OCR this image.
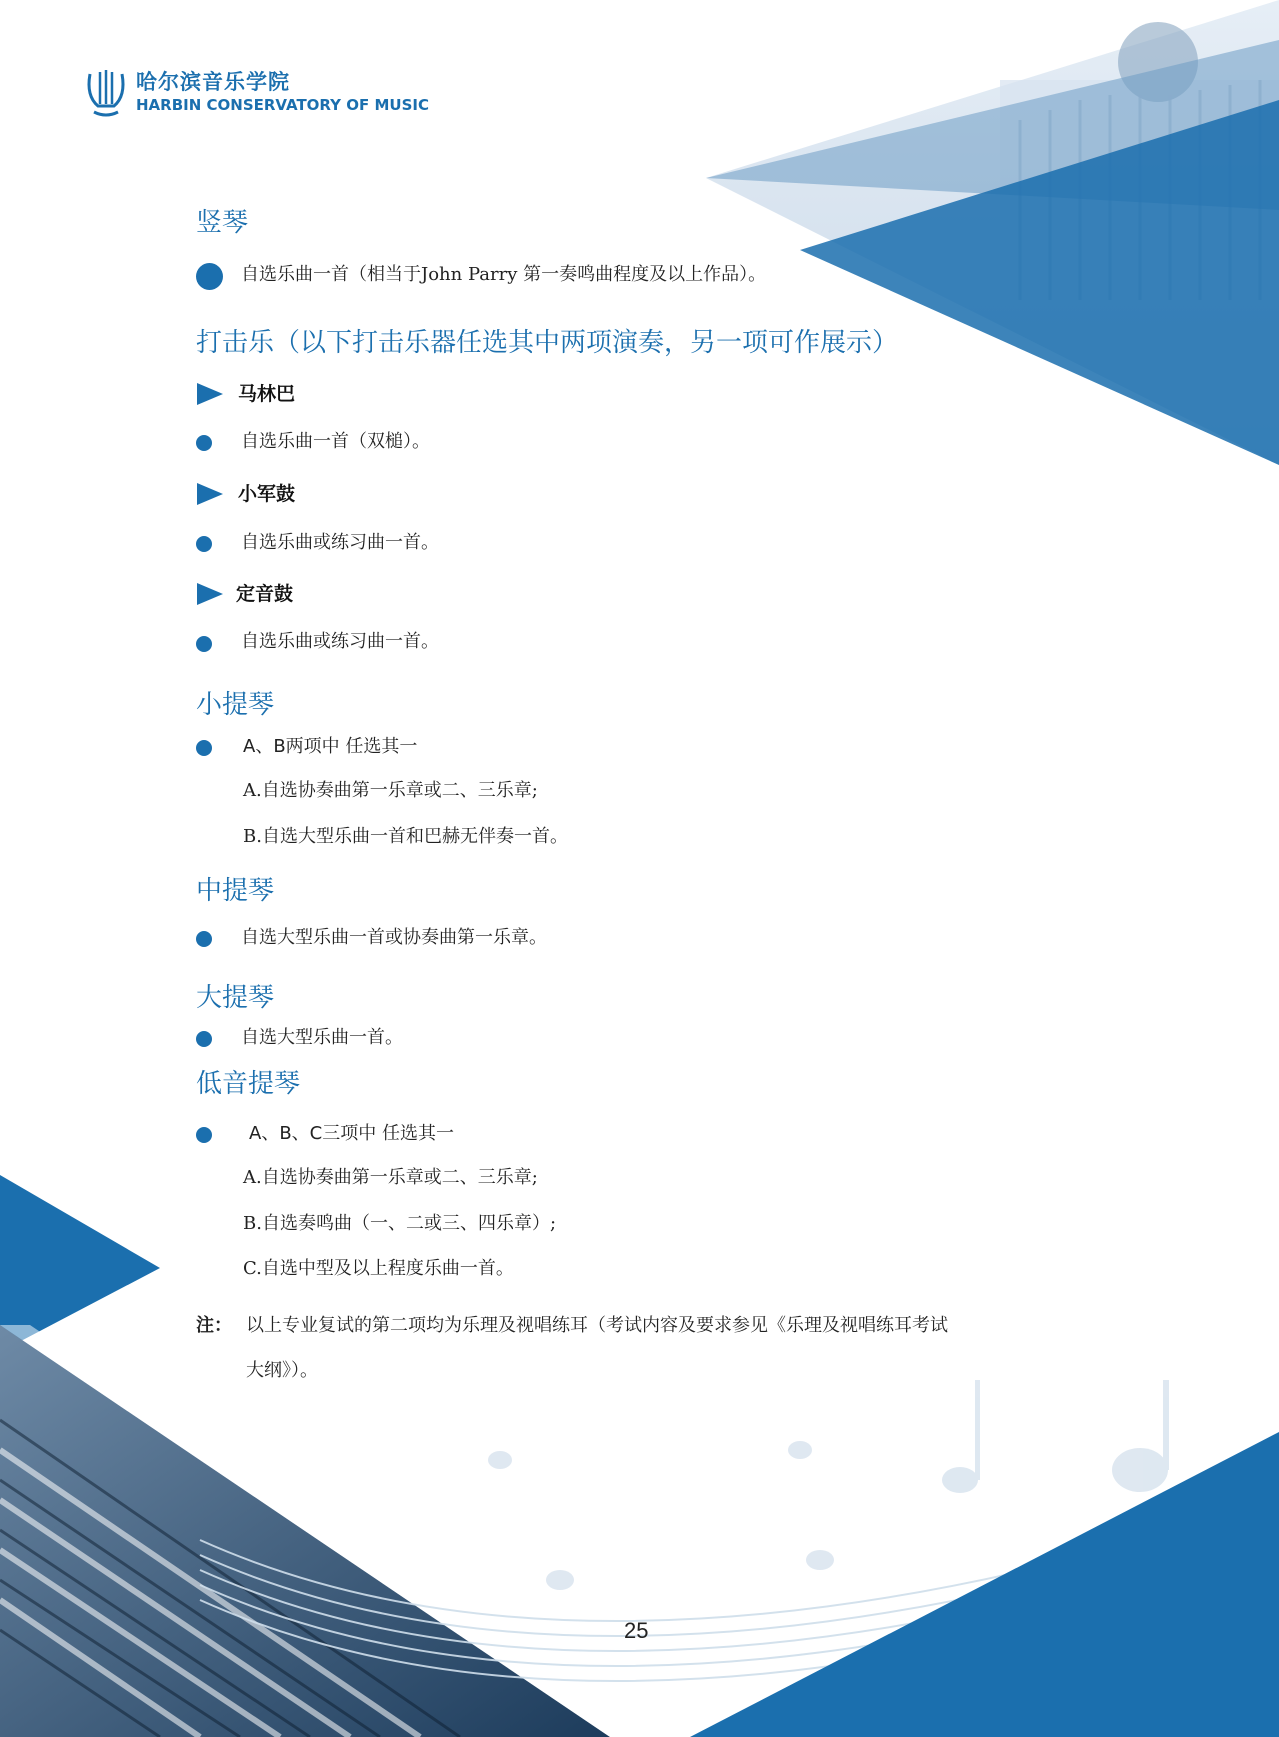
哈尔滨音乐学院
HARBIN CONSERVATORY OF MUSIC
竖琴
自选乐曲一首（相当于John Parry 第一奏鸣曲程度及以上作品）。
打击乐（以下打击乐器任选其中两项演奏，另一项可作展示）
马林巴
自选乐曲一首（双槌）。
小军鼓
自选乐曲或练习曲一首。
定音鼓
自选乐曲或练习曲一首。
小提琴
A、B两项中 任选其一
A.自选协奏曲第一乐章或二、三乐章;
B.自选大型乐曲一首和巴赫无伴奏一首。
中提琴
自选大型乐曲一首或协奏曲第一乐章。
大提琴
自选大型乐曲一首。
低音提琴
A、B、C三项中 任选其一
A.自选协奏曲第一乐章或二、三乐章;
B.自选奏鸣曲（一、二或三、四乐章）;
C.自选中型及以上程度乐曲一首。
注： 以上专业复试的第二项均为乐理及视唱练耳（考试内容及要求参见《乐理及视唱练耳考试
大纲》）。
25
